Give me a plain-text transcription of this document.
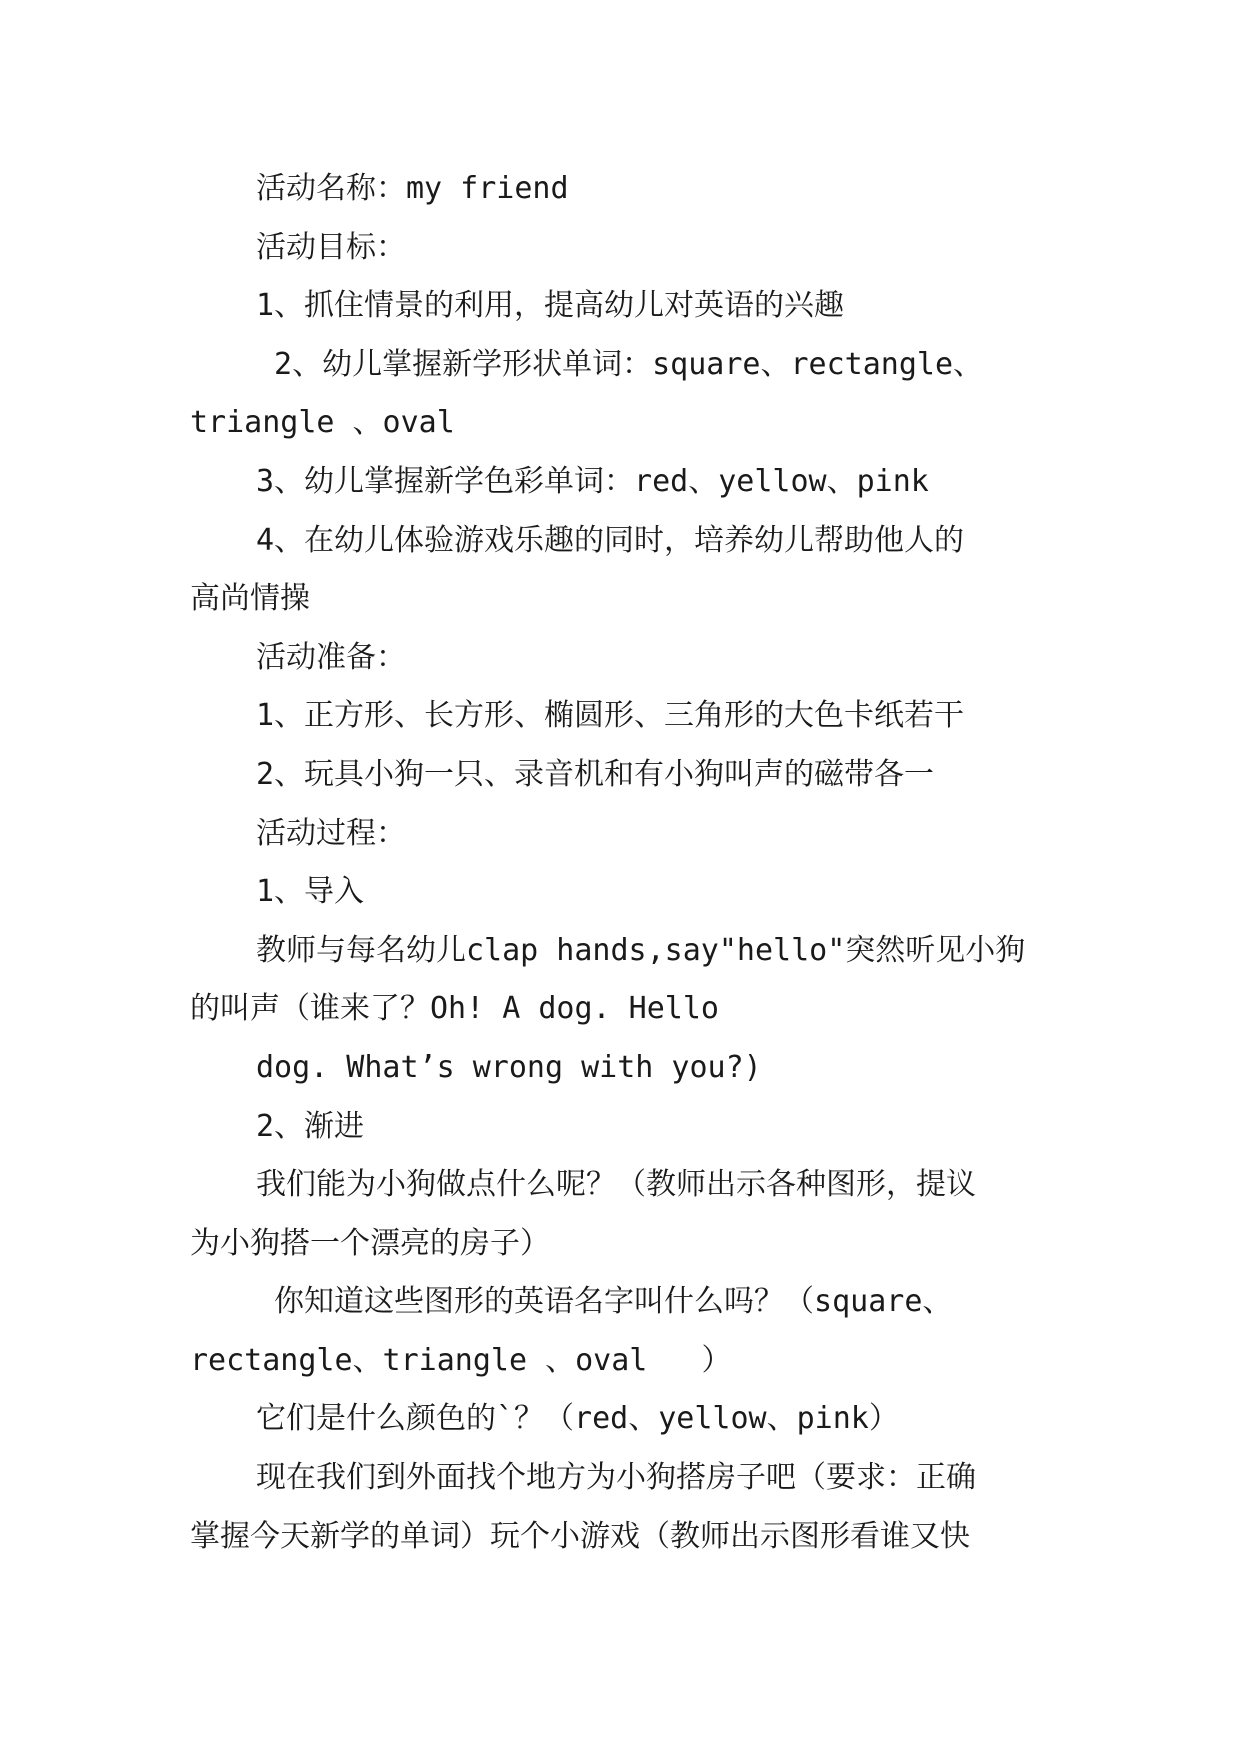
活动名称：my friend
活动目标：
1、抓住情景的利用，提高幼儿对英语的兴趣
2、幼儿掌握新学形状单词：square、rectangle、
triangle 、oval
3、幼儿掌握新学色彩单词：red、yellow、pink
4、在幼儿体验游戏乐趣的同时，培养幼儿帮助他人的
高尚情操
活动准备：
1、正方形、长方形、椭圆形、三角形的大色卡纸若干
2、玩具小狗一只、录音机和有小狗叫声的磁带各一
活动过程：
1、导入
教师与每名幼儿clap hands,say"hello"突然听见小狗
的叫声（谁来了？Oh! A dog. Hello
dog. What’s wrong with you?)
2、渐进
我们能为小狗做点什么呢？（教师出示各种图形，提议
为小狗搭一个漂亮的房子）
你知道这些图形的英语名字叫什么吗？（square、
rectangle、triangle 、oval   ）
它们是什么颜色的`？（red、yellow、pink）
现在我们到外面找个地方为小狗搭房子吧（要求：正确
掌握今天新学的单词）玩个小游戏（教师出示图形看谁又快
